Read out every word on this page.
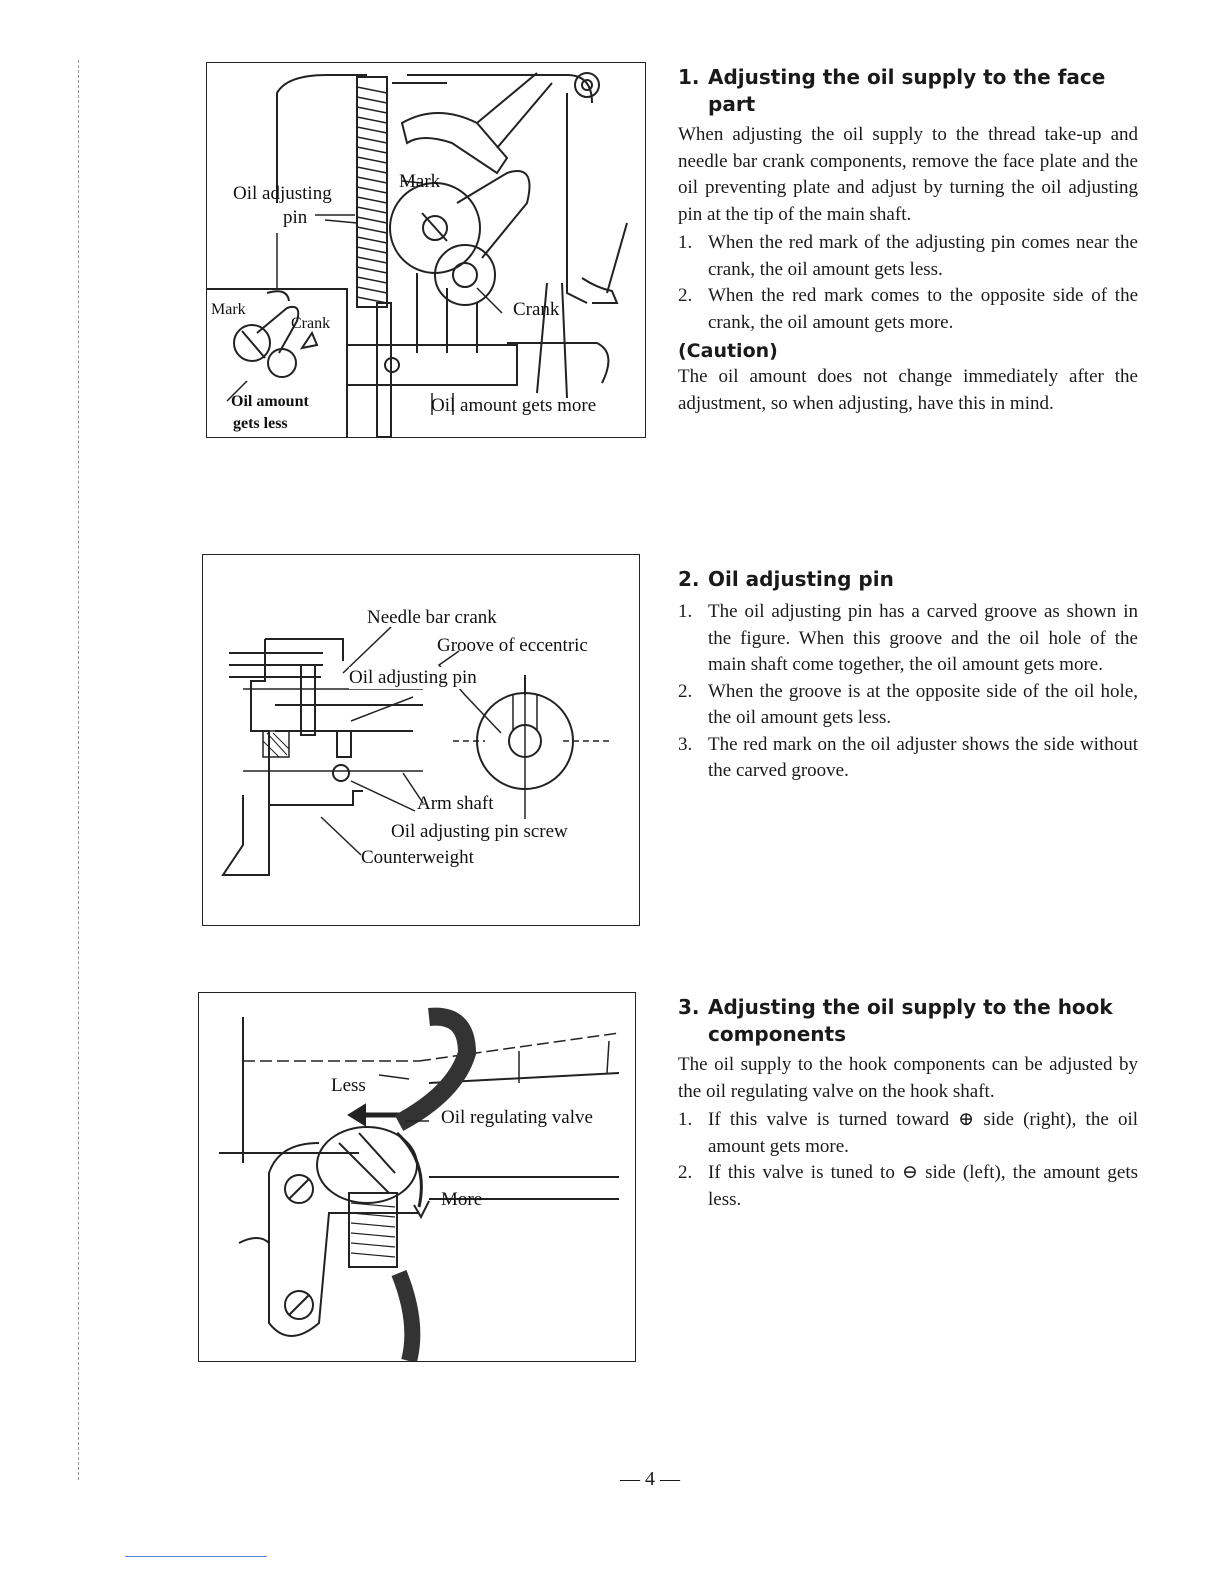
Oil adjusting
pin
Mark
Crank
Mark
Crank
Oil amount
gets less
Oil amount gets more
Needle bar crank
Groove of eccentric
Oil adjusting pin
Arm shaft
Oil adjusting pin screw
Counterweight
Less
Oil regulating valve
More
1. Adjusting the oil supply to the face
part

When adjusting the oil supply to the thread take-up and needle bar crank components, remove the face plate and the oil preventing plate and adjust by turning the oil adjusting pin at the tip of the main shaft.

1. When the red mark of the adjusting pin comes near the crank, the oil amount gets less.
2. When the red mark comes to the opposite side of the crank, the oil amount gets more.
(Caution)

The oil amount does not change immediately after the adjustment, so when adjusting, have this in mind.

2. Oil adjusting pin
1. The oil adjusting pin has a carved groove as shown in the figure. When this groove and the oil hole of the main shaft come together, the oil amount gets more.
2. When the groove is at the opposite side of the oil hole, the oil amount gets less.
3. The red mark on the oil adjuster shows the side without the carved groove.
3. Adjusting the oil supply to the hook
components

The oil supply to the hook components can be adjusted by the oil regulating valve on the hook shaft.

1. If this valve is turned toward ⊕ side (right), the oil amount gets more.
2. If this valve is tuned to ⊖ side (left), the amount gets less.
— 4 —
